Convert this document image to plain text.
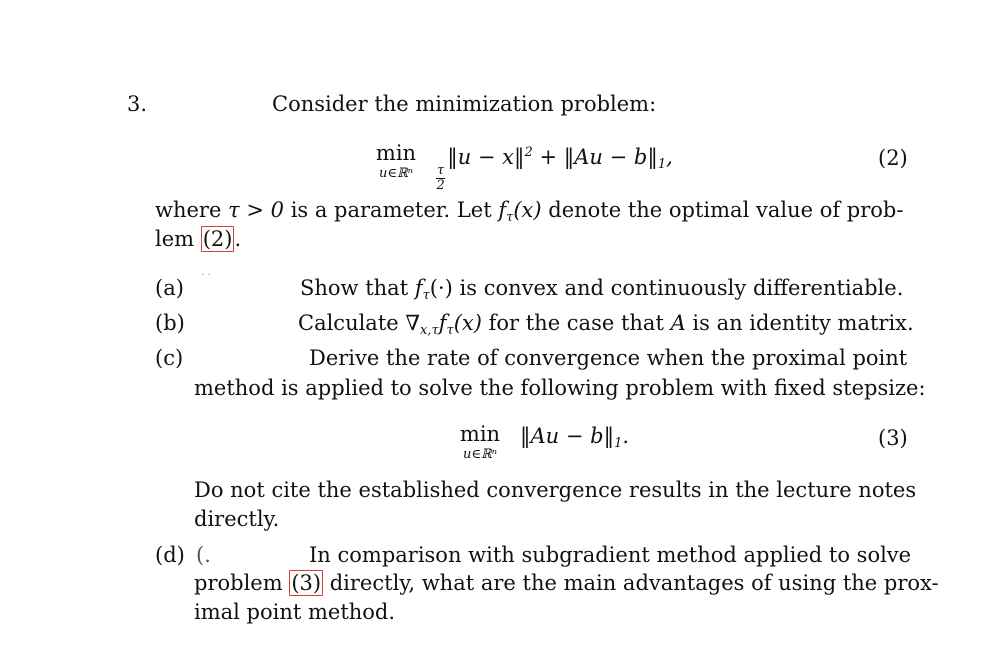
3.	Consider the minimization problem:
min
u∈ℝⁿ	$\frac{\tau}{2}$
‖u − x‖$^2$ + ‖Au − $b‖_1$,	(2)
where τ > 0 is a parameter. Let $f_\tau(x)$ denote the optimal value of prob-
lem (2).
(a) ˙˙	Show that $f_\tau(\cdot)$ is convex and continuously differentiable.
(b)	Calculate $\nabla_{x,\tau}f_\tau(x)$ for the case that A is an identity matrix.
(c)	Derive the rate of convergence when the proximal point
method is applied to solve the following problem with fixed stepsize:
min
u∈ℝⁿ
‖Au − $b‖_1$.	(3)
Do not cite the established convergence results in the lecture notes
directly.
(d) (.	In comparison with subgradient method applied to solve
problem (3) directly, what are the main advantages of using the prox-
imal point method.
